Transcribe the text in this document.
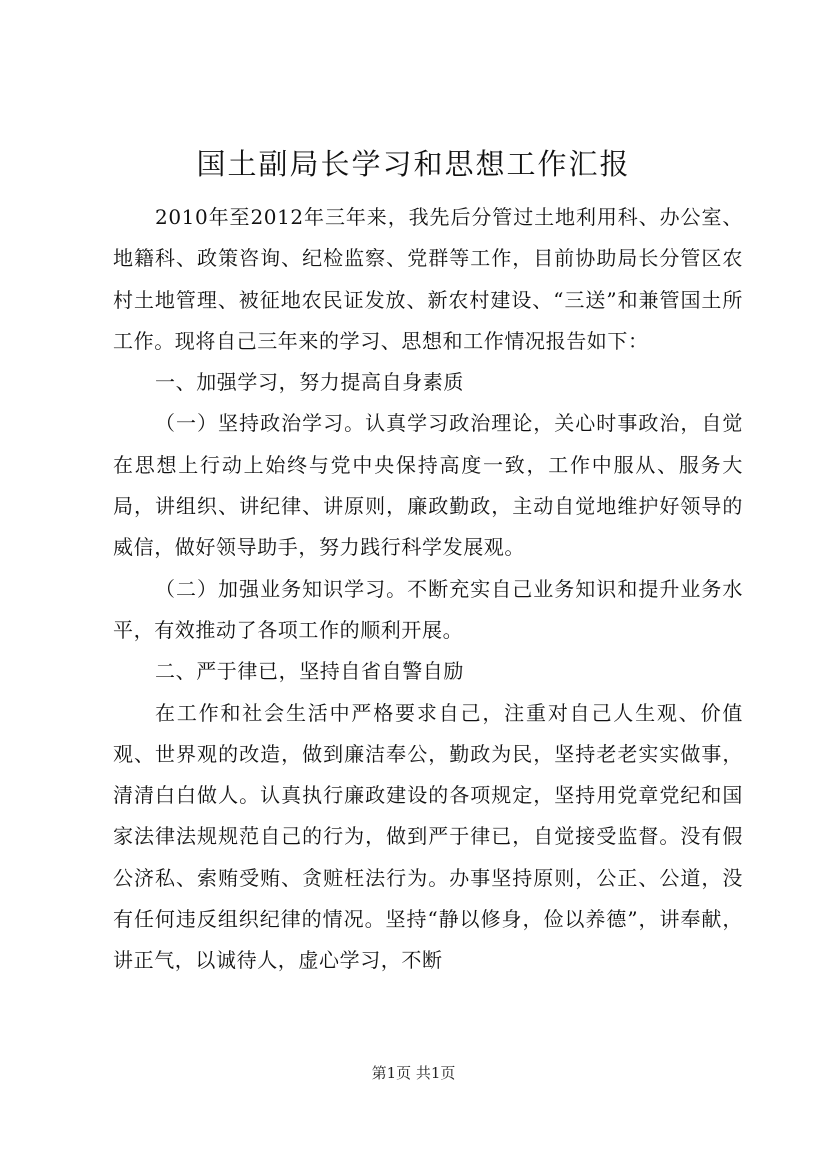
国土副局长学习和思想工作汇报

2010年至2012年三年来，我先后分管过土地利用科、办公室、地籍科、政策咨询、纪检监察、党群等工作，目前协助局长分管区农村土地管理、被征地农民证发放、新农村建设、“三送”和兼管国土所工作。现将自己三年来的学习、思想和工作情况报告如下：

一、加强学习，努力提高自身素质

（一）坚持政治学习。认真学习政治理论，关心时事政治，自觉在思想上行动上始终与党中央保持高度一致，工作中服从、服务大局，讲组织、讲纪律、讲原则，廉政勤政，主动自觉地维护好领导的威信，做好领导助手，努力践行科学发展观。

（二）加强业务知识学习。不断充实自己业务知识和提升业务水平，有效推动了各项工作的顺利开展。

二、严于律已，坚持自省自警自励

在工作和社会生活中严格要求自己，注重对自己人生观、价值观、世界观的改造，做到廉洁奉公，勤政为民，坚持老老实实做事，清清白白做人。认真执行廉政建设的各项规定，坚持用党章党纪和国家法律法规规范自己的行为，做到严于律已，自觉接受监督。没有假公济私、索贿受贿、贪赃枉法行为。办事坚持原则，公正、公道，没有任何违反组织纪律的情况。坚持“静以修身，俭以养德”，讲奉献，讲正气，以诚待人，虚心学习，不断

第1页 共1页
